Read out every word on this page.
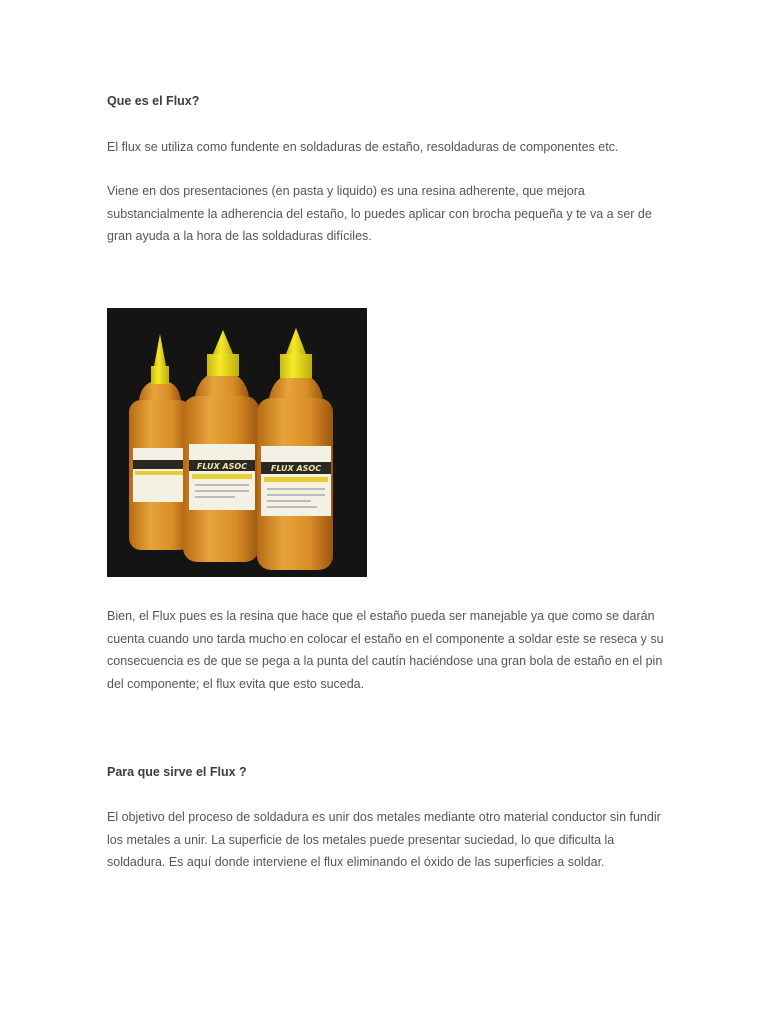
Que es el Flux?
El flux se utiliza como fundente en soldaduras de estaño, resoldaduras de componentes etc.
Viene en dos presentaciones (en pasta y liquido) es una resina adherente, que mejora substancialmente la adherencia del estaño, lo puedes aplicar con brocha pequeña y te va a ser de gran ayuda a la hora de las soldaduras difíciles.
FLUX ASOC	FLUX ASOC
Bien, el Flux pues es la resina que hace que el estaño pueda ser manejable ya que como se darán cuenta cuando uno tarda mucho en colocar el estaño en el componente a soldar este se reseca y su consecuencia es de que se pega a la punta del cautín haciéndose una gran bola de estaño en el pin del componente; el flux evita que esto suceda.
Para que sirve el Flux ?
El objetivo del proceso de soldadura es unir dos metales mediante otro material conductor sin fundir los metales a unir. La superficie de los metales puede presentar suciedad, lo que dificulta la soldadura. Es aquí donde interviene el flux eliminando el óxido de las superficies a soldar.
